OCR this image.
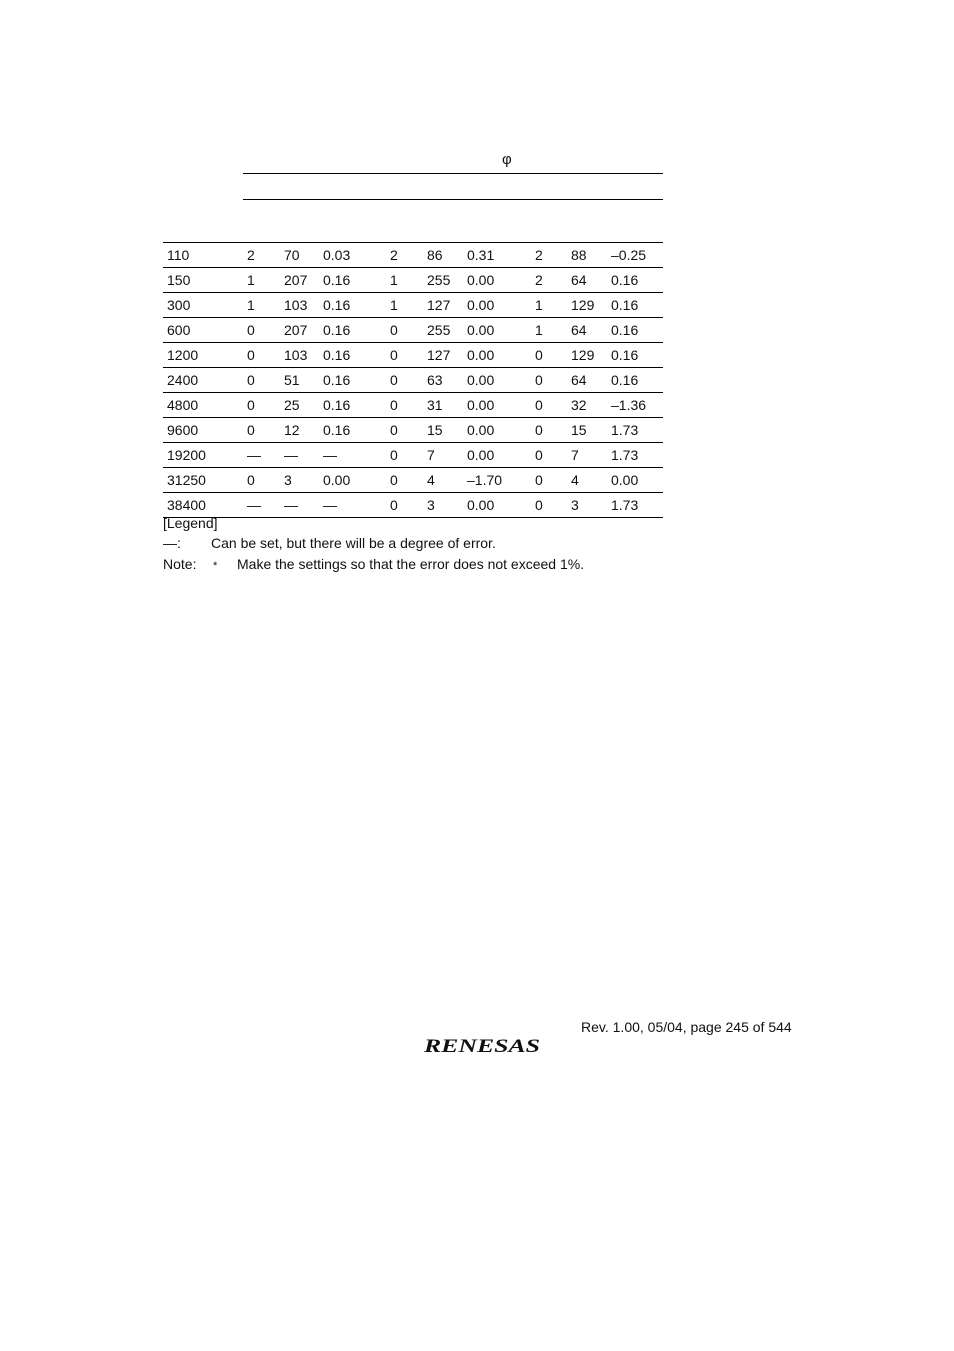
φ
110	2	70	0.03	2	86	0.31	2	88	–0.25
150	1	207	0.16	1	255	0.00	2	64	0.16
300	1	103	0.16	1	127	0.00	1	129	0.16
600	0	207	0.16	0	255	0.00	1	64	0.16
1200	0	103	0.16	0	127	0.00	0	129	0.16
2400	0	51	0.16	0	63	0.00	0	64	0.16
4800	0	25	0.16	0	31	0.00	0	32	–1.36
9600	0	12	0.16	0	15	0.00	0	15	1.73
19200	—	—	—	0	7	0.00	0	7	1.73
31250	0	3	0.00	0	4	–1.70	0	4	0.00
38400	—	—	—	0	3	0.00	0	3	1.73
[Legend]
—: Can be set, but there will be a degree of error.
Note: * Make the settings so that the error does not exceed 1%.
Rev. 1.00, 05/04, page 245 of 544
RENESAS
